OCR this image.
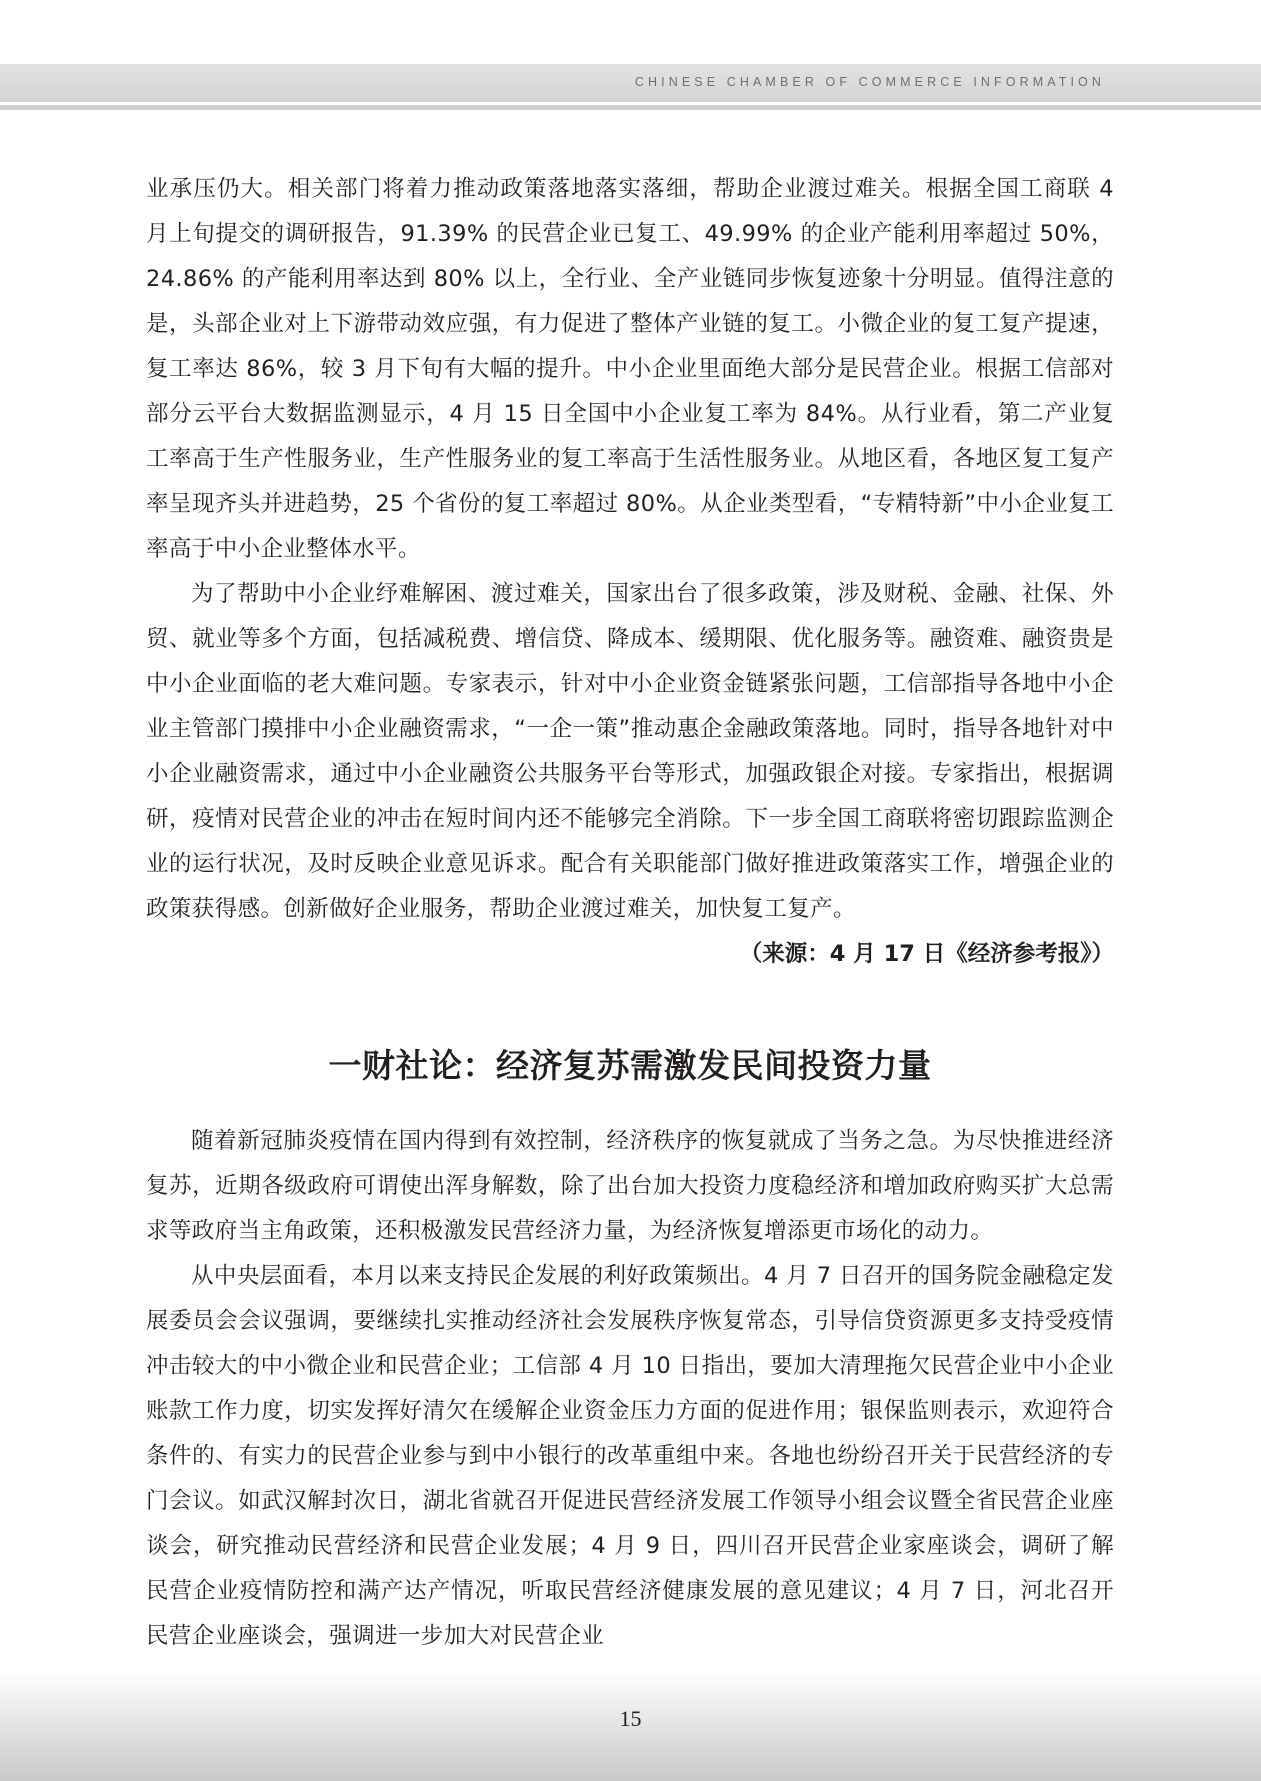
CHINESE CHAMBER OF COMMERCE INFORMATION

业承压仍大。相关部门将着力推动政策落地落实落细，帮助企业渡过难关。根据全国工商联 4 月上旬提交的调研报告，91.39% 的民营企业已复工、49.99% 的企业产能利用率超过 50%，24.86% 的产能利用率达到 80% 以上，全行业、全产业链同步恢复迹象十分明显。值得注意的是，头部企业对上下游带动效应强，有力促进了整体产业链的复工。小微企业的复工复产提速，复工率达 86%，较 3 月下旬有大幅的提升。中小企业里面绝大部分是民营企业。根据工信部对部分云平台大数据监测显示，4 月 15 日全国中小企业复工率为 84%。从行业看，第二产业复工率高于生产性服务业，生产性服务业的复工率高于生活性服务业。从地区看，各地区复工复产率呈现齐头并进趋势，25 个省份的复工率超过 80%。从企业类型看，“专精特新”中小企业复工率高于中小企业整体水平。

为了帮助中小企业纾难解困、渡过难关，国家出台了很多政策，涉及财税、金融、社保、外贸、就业等多个方面，包括减税费、增信贷、降成本、缓期限、优化服务等。融资难、融资贵是中小企业面临的老大难问题。专家表示，针对中小企业资金链紧张问题，工信部指导各地中小企业主管部门摸排中小企业融资需求，“一企一策”推动惠企金融政策落地。同时，指导各地针对中小企业融资需求，通过中小企业融资公共服务平台等形式，加强政银企对接。专家指出，根据调研，疫情对民营企业的冲击在短时间内还不能够完全消除。下一步全国工商联将密切跟踪监测企业的运行状况，及时反映企业意见诉求。配合有关职能部门做好推进政策落实工作，增强企业的政策获得感。创新做好企业服务，帮助企业渡过难关，加快复工复产。

（来源：4 月 17 日《经济参考报》）

一财社论：经济复苏需激发民间投资力量

随着新冠肺炎疫情在国内得到有效控制，经济秩序的恢复就成了当务之急。为尽快推进经济复苏，近期各级政府可谓使出浑身解数，除了出台加大投资力度稳经济和增加政府购买扩大总需求等政府当主角政策，还积极激发民营经济力量，为经济恢复增添更市场化的动力。

从中央层面看，本月以来支持民企发展的利好政策频出。4 月 7 日召开的国务院金融稳定发展委员会会议强调，要继续扎实推动经济社会发展秩序恢复常态，引导信贷资源更多支持受疫情冲击较大的中小微企业和民营企业；工信部 4 月 10 日指出，要加大清理拖欠民营企业中小企业账款工作力度，切实发挥好清欠在缓解企业资金压力方面的促进作用；银保监则表示，欢迎符合条件的、有实力的民营企业参与到中小银行的改革重组中来。各地也纷纷召开关于民营经济的专门会议。如武汉解封次日，湖北省就召开促进民营经济发展工作领导小组会议暨全省民营企业座谈会，研究推动民营经济和民营企业发展；4 月 9 日，四川召开民营企业家座谈会，调研了解民营企业疫情防控和满产达产情况，听取民营经济健康发展的意见建议；4 月 7 日，河北召开民营企业座谈会，强调进一步加大对民营企业

15
